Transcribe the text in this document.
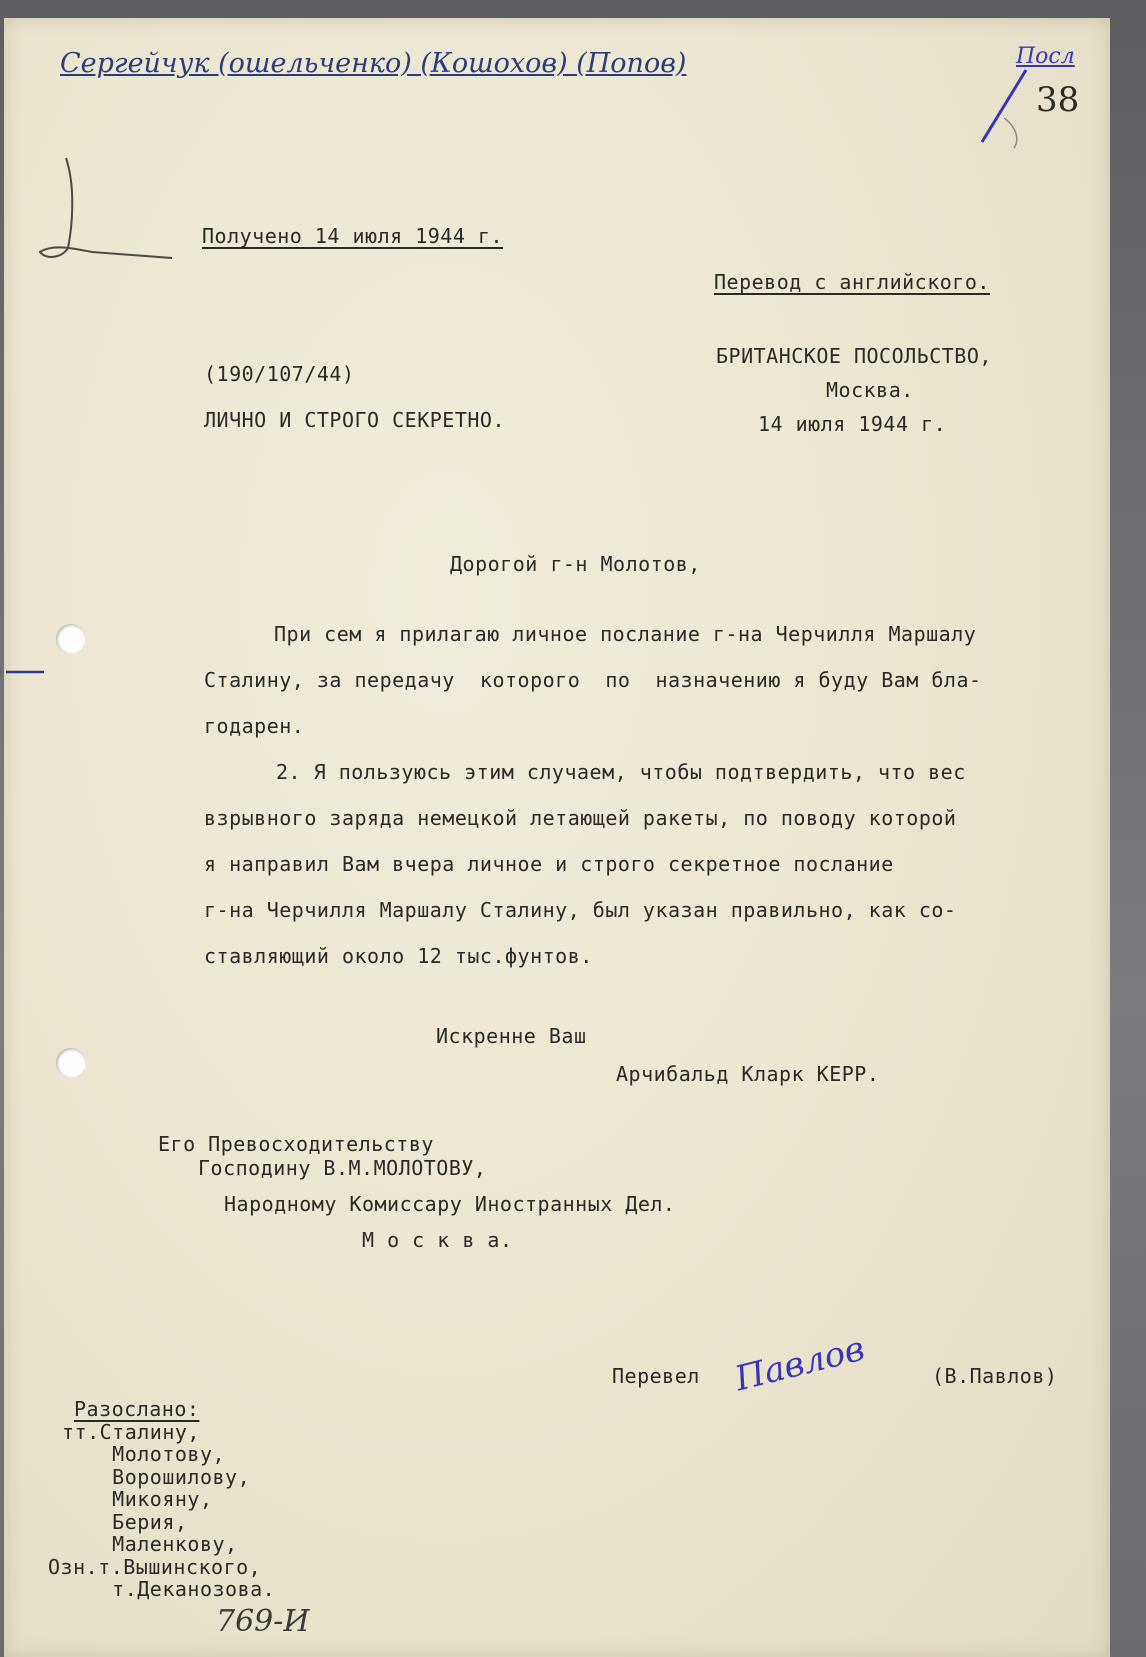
Сергейчук (ошельченко) (Кошохов) (Попов)	Посл

38

Получено 14 июля 1944 г.

Перевод с английского.

(190/107/44)

ЛИЧНО И СТРОГО СЕКРЕТНО.

БРИТАНСКОЕ ПОСОЛЬСТВО,

Москва.

14 июля 1944 г.

Дорогой г-н Молотов,

При сем я прилагаю личное послание г-на Черчилля Маршалу

Сталину, за передачу  которого  по  назначению я буду Вам бла-

годарен.

2. Я пользуюсь этим случаем, чтобы подтвердить, что вес

взрывного заряда немецкой летающей ракеты, по поводу которой

я направил Вам вчера личное и строго секретное послание

г-на Черчилля Маршалу Сталину, был указан правильно, как со-

ставляющий около 12 тыс.фунтов.

Искренне Ваш

Арчибальд Кларк КЕРР.

Его Превосходительству

Господину В.М.МОЛОТОВУ,

Народному Комиссару Иностранных Дел.

М о с к в а.

Перевел Павлов	(В.Павлов)

Разослано:
тт.Сталину,
Молотову,
Ворошилову,
Микояну,
Берия,
Маленкову,
Озн.т.Вышинского,
т.Деканозова.

769-И
